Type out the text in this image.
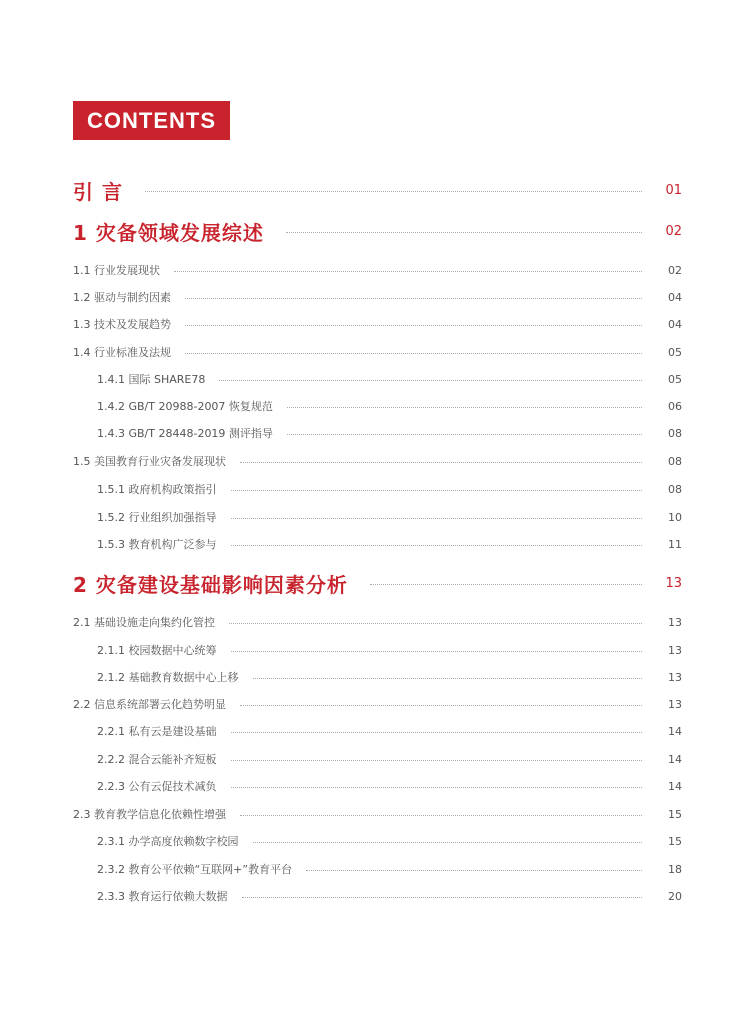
CONTENTS
引 言	01
1 灾备领域发展综述	02
1.1 行业发展现状	02
1.2 驱动与制约因素	04
1.3 技术及发展趋势	04
1.4 行业标准及法规	05
1.4.1 国际 SHARE78	05
1.4.2 GB/T 20988-2007 恢复规范	06
1.4.3 GB/T 28448-2019 测评指导	08
1.5 美国教育行业灾备发展现状	08
1.5.1 政府机构政策指引	08
1.5.2 行业组织加强指导	10
1.5.3 教育机构广泛参与	11
2 灾备建设基础影响因素分析	13
2.1 基础设施走向集约化管控	13
2.1.1 校园数据中心统筹	13
2.1.2 基础教育数据中心上移	13
2.2 信息系统部署云化趋势明显	13
2.2.1 私有云是建设基础	14
2.2.2 混合云能补齐短板	14
2.2.3 公有云促技术减负	14
2.3 教育教学信息化依赖性增强	15
2.3.1 办学高度依赖数字校园	15
2.3.2 教育公平依赖“互联网+”教育平台	18
2.3.3 教育运行依赖大数据	20
